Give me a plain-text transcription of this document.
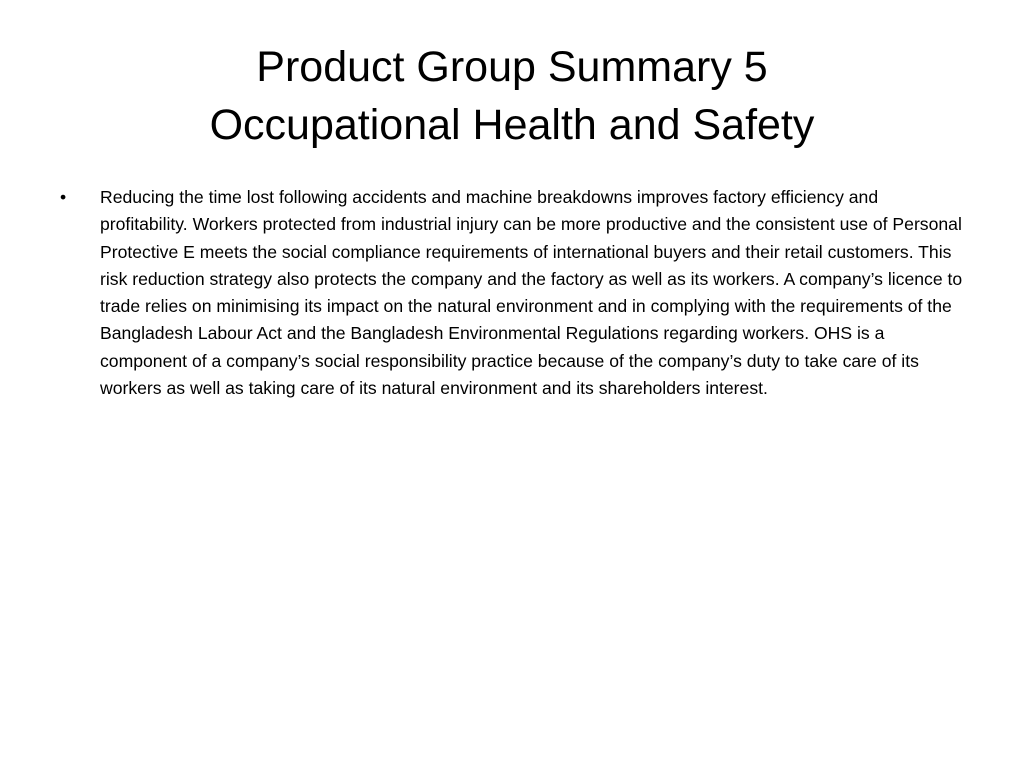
Product Group Summary 5
Occupational Health and Safety
•	Reducing the time lost following accidents and machine breakdowns improves factory efficiency and profitability. Workers protected from industrial injury can be more productive and the consistent use of Personal Protective E meets the social compliance requirements of international buyers and their retail customers. This risk reduction strategy also protects the company and the factory as well as its workers. A company’s licence to trade relies on minimising its impact on the natural environment and in complying with the requirements of the Bangladesh Labour Act and the Bangladesh Environmental Regulations regarding workers. OHS is a component of a company’s social responsibility practice because of the company’s duty to take care of its workers as well as taking care of its natural environment and its shareholders interest.
